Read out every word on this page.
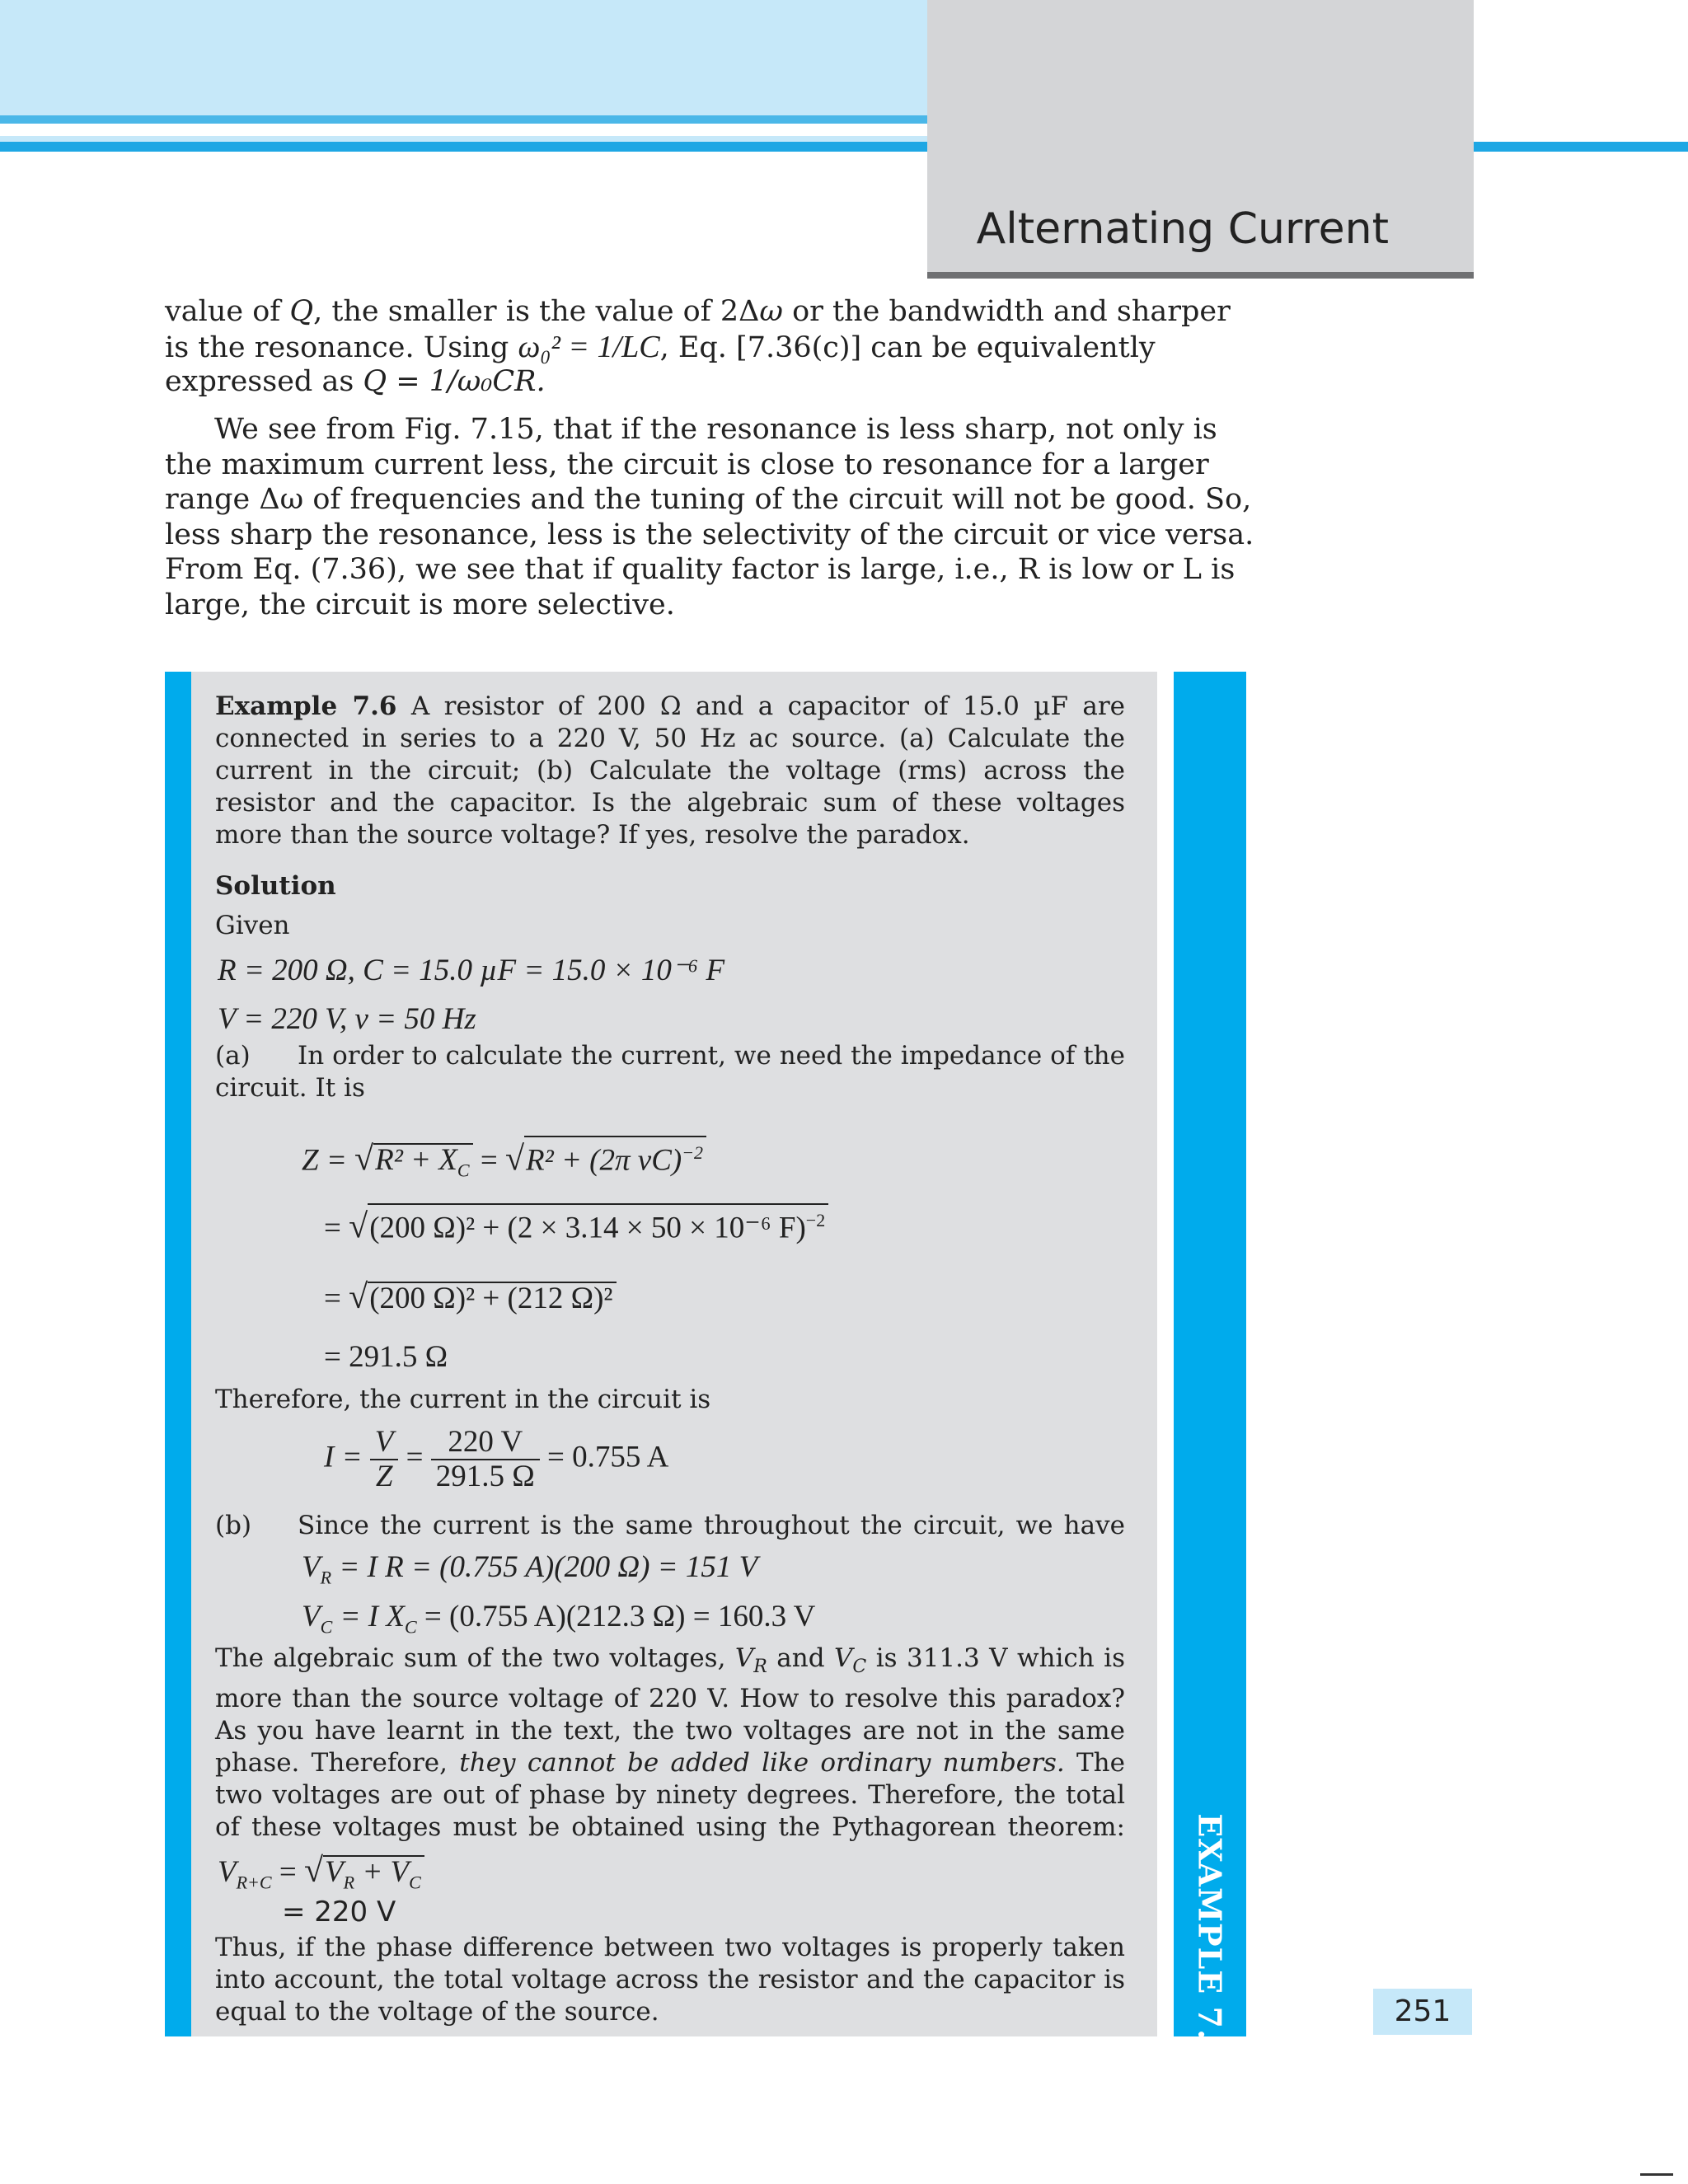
Alternating Current
value of Q, the smaller is the value of 2Δω or the bandwidth and sharper
is the resonance. Using ω₀² = 1/LC, Eq. [7.36(c)] can be equivalently
expressed as Q = 1/ω₀CR.
We see from Fig. 7.15, that if the resonance is less sharp, not only is
the maximum current less, the circuit is close to resonance for a larger
range Δω of frequencies and the tuning of the circuit will not be good. So,
less sharp the resonance, less is the selectivity of the circuit or vice versa.
From Eq. (7.36), we see that if quality factor is large, i.e., R is low or L is
large, the circuit is more selective.
EXAMPLE 7.6
Example 7.6 A resistor of 200 Ω and a capacitor of 15.0 µF are
connected in series to a 220 V, 50 Hz ac source. (a) Calculate the
current in the circuit; (b) Calculate the voltage (rms) across the
resistor and the capacitor. Is the algebraic sum of these voltages
more than the source voltage? If yes, resolve the paradox.
Solution
Given
R = 200 Ω, C = 15.0 µF = 15.0 × 10⁻⁶ F
V = 220 V, ν = 50 Hz
(a) In order to calculate the current, we need the impedance of the
circuit. It is
$Z = √R^2 + X_C = √R^2 + (2\pi$ νC)$^{-2}$
= √(200 Ω)² + (2 × 3.14 × 50 × 10⁻⁶ F)$^{-2}$
= √(200 Ω)² + (212 Ω)²
= 291.5 Ω
Therefore, the current in the circuit is
$I = \frac{V}{Z} = \frac{220 V}{291.5 \Omega} = 0.755$ A
(b) Since the current is the same throughout the circuit, we have
$V_R = I$ R = (0.755 A)(200 Ω) = 151 V
$V_C = I$ $X_C = (0.755$ A)(212.3 Ω) = 160.3 V
The algebraic sum of the two voltages, $V_R$ and $V_C$ is 311.3 V which is
more than the source voltage of 220 V. How to resolve this paradox?
As you have learnt in the text, the two voltages are not in the same
phase. Therefore, they cannot be added like ordinary numbers. The
two voltages are out of phase by ninety degrees. Therefore, the total
of these voltages must be obtained using the Pythagorean theorem:
$V_{R+C} = √V_R + V_C$
= 220 V
Thus, if the phase difference between two voltages is properly taken
into account, the total voltage across the resistor and the capacitor is
equal to the voltage of the source.	251
